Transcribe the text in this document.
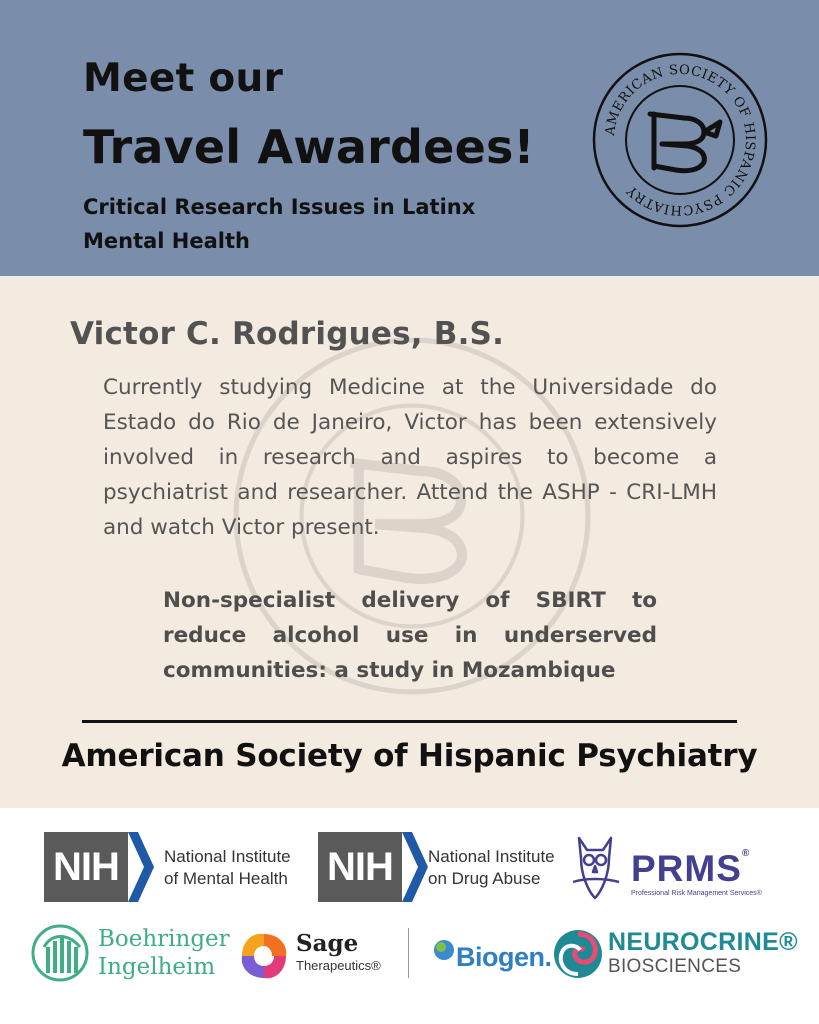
Meet our
Travel Awardees!
Critical Research Issues in Latinx Mental Health
AMERICAN SOCIETY OF HISPANIC PSYCHIATRY
Victor C. Rodrigues, B.S.

Currently studying Medicine at the Universidade do Estado do Rio de Janeiro, Victor has been extensively involved in research and aspires to become a psychiatrist and researcher. Attend the ASHP - CRI-LMH and watch Victor present.

Non-specialist delivery of SBIRT to reduce alcohol use in underserved communities: a study in Mozambique

American Society of Hispanic Psychiatry
NIH	National Institute
of Mental Health NIH	National Institute
on Drug Abuse	PRMS®
Professional Risk Management Services®
Boehringer
Ingelheim
Sage
Therapeutics®	Biogen. NEUROCRINE®
BIOSCIENCES
